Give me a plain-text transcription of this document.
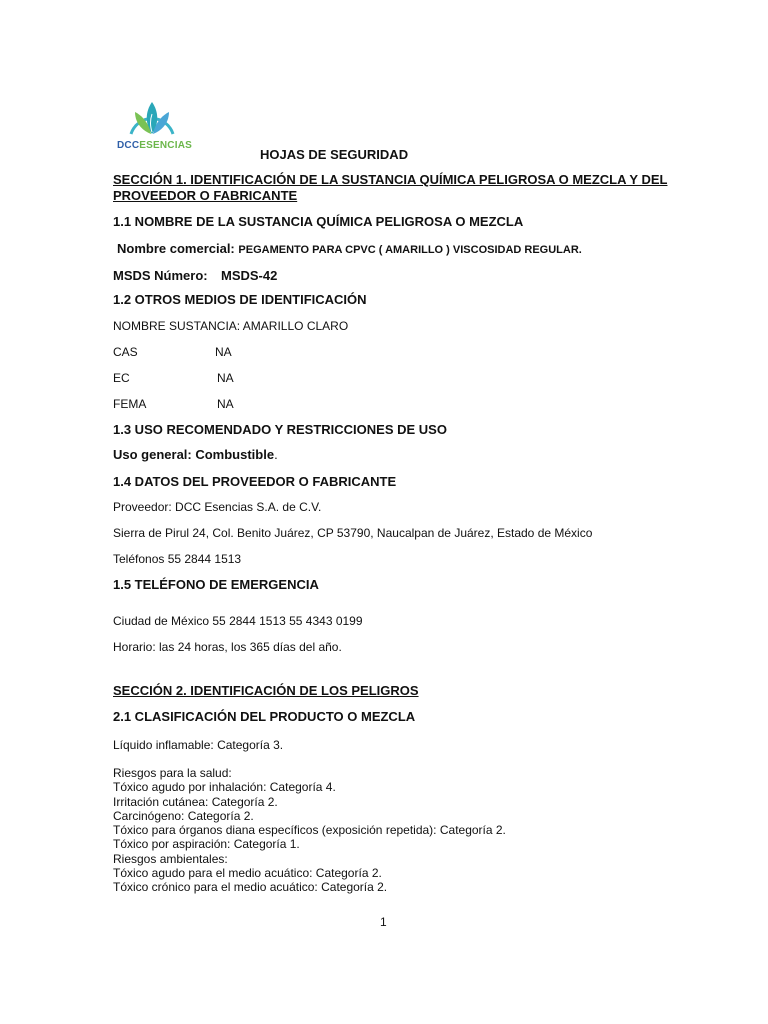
DCCESENCIAS
HOJAS DE SEGURIDAD
SECCIÓN 1. IDENTIFICACIÓN DE LA SUSTANCIA QUÍMICA PELIGROSA O MEZCLA Y DEL
PROVEEDOR O FABRICANTE
1.1 NOMBRE DE LA SUSTANCIA QUÍMICA PELIGROSA O MEZCLA
Nombre comercial: PEGAMENTO PARA CPVC ( AMARILLO ) VISCOSIDAD REGULAR.
MSDS Número: MSDS-42
1.2 OTROS MEDIOS DE IDENTIFICACIÓN
NOMBRE SUSTANCIA: AMARILLO CLARO
CAS	NA
EC	NA
FEMA	NA
1.3 USO RECOMENDADO Y RESTRICCIONES DE USO
Uso general: Combustible.
1.4 DATOS DEL PROVEEDOR O FABRICANTE
Proveedor: DCC Esencias S.A. de C.V.
Sierra de Pirul 24, Col. Benito Juárez, CP 53790, Naucalpan de Juárez, Estado de México
Teléfonos 55 2844 1513
1.5 TELÉFONO DE EMERGENCIA
Ciudad de México 55 2844 1513 55 4343 0199
Horario: las 24 horas, los 365 días del año.
SECCIÓN 2. IDENTIFICACIÓN DE LOS PELIGROS
2.1 CLASIFICACIÓN DEL PRODUCTO O MEZCLA
Líquido inflamable: Categoría 3.
Riesgos para la salud:
Tóxico agudo por inhalación: Categoría 4.
Irritación cutánea: Categoría 2.
Carcinógeno: Categoría 2.
Tóxico para órganos diana específicos (exposición repetida): Categoría 2.
Tóxico por aspiración: Categoría 1.
Riesgos ambientales:
Tóxico agudo para el medio acuático: Categoría 2.
Tóxico crónico para el medio acuático: Categoría 2.
1
